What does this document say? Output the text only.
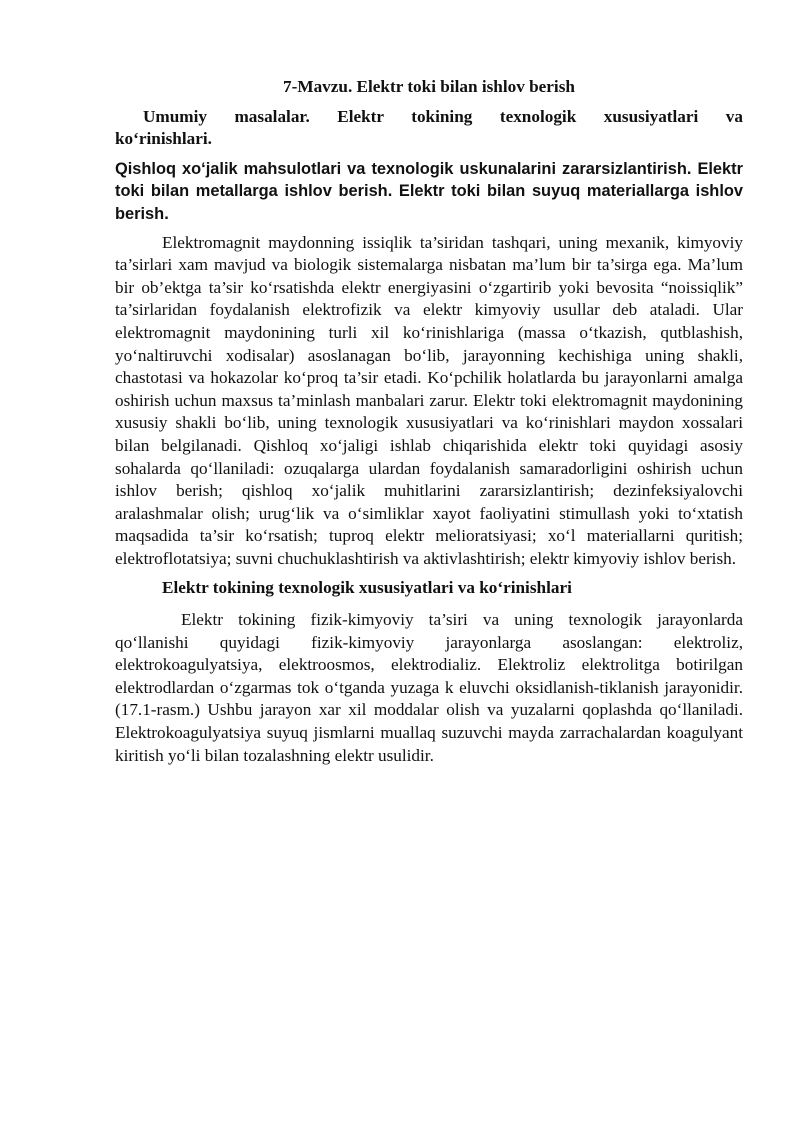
7-Mavzu. Elektr toki bilan ishlov berish

Umumiy masalalar. Elektr tokining texnologik xususiyatlari va ko‘rinishlari.

Qishloq xo‘jalik mahsulotlari va texnologik uskunalarini zararsizlantirish. Elektr toki bilan metallarga ishlov berish. Elektr toki bilan suyuq materiallarga ishlov berish.

Elektromagnit maydonning issiqlik ta’siridan tashqari, uning mexanik, kimyoviy ta’sirlari xam mavjud va biologik sistemalarga nisbatan ma’lum bir ta’sirga ega. Ma’lum bir ob’ektga ta’sir ko‘rsatishda elektr energiyasini o‘zgartirib yoki bevosita “noissiqlik” ta’sirlaridan foydalanish elektrofizik va elektr kimyoviy usullar deb ataladi. Ular elektromagnit maydonining turli xil ko‘rinishlariga (massa o‘tkazish, qutblashish, yo‘naltiruvchi xodisalar) asoslanagan bo‘lib, jarayonning kechishiga uning shakli, chastotasi va hokazolar ko‘proq ta’sir etadi. Ko‘pchilik holatlarda bu jarayonlarni amalga oshirish uchun maxsus ta’minlash manbalari zarur. Elektr toki elektromagnit maydonining xususiy shakli bo‘lib, uning texnologik xususiyatlari va ko‘rinishlari maydon xossalari bilan belgilanadi. Qishloq xo‘jaligi ishlab chiqarishida elektr toki quyidagi asosiy sohalarda qo‘llaniladi: ozuqalarga ulardan foydalanish samaradorligini oshirish uchun ishlov berish; qishloq xo‘jalik muhitlarini zararsizlantirish; dezinfeksiyalovchi aralashmalar olish; urug‘lik va o‘simliklar xayot faoliyatini stimullash yoki to‘xtatish maqsadida ta’sir ko‘rsatish; tuproq elektr melioratsiyasi; xo‘l materiallarni quritish; elektroflotatsiya; suvni chuchuklashtirish va aktivlashtirish; elektr kimyoviy ishlov berish.

Elektr tokining texnologik xususiyatlari va ko‘rinishlari

Elektr tokining fizik-kimyoviy ta’siri va uning texnologik jarayonlarda qo‘llanishi quyidagi fizik-kimyoviy jarayonlarga asoslangan: elektroliz, elektrokoagulyatsiya, elektroosmos, elektrodializ. Elektroliz elektrolitga botirilgan elektrodlardan o‘zgarmas tok o‘tganda yuzaga k eluvchi oksidlanish-tiklanish jarayonidir. (17.1-rasm.) Ushbu jarayon xar xil moddalar olish va yuzalarni qoplashda qo‘llaniladi. Elektrokoagulyatsiya suyuq jismlarni muallaq suzuvchi mayda zarrachalardan koagulyant kiritish yo‘li bilan tozalashning elektr usulidir.
